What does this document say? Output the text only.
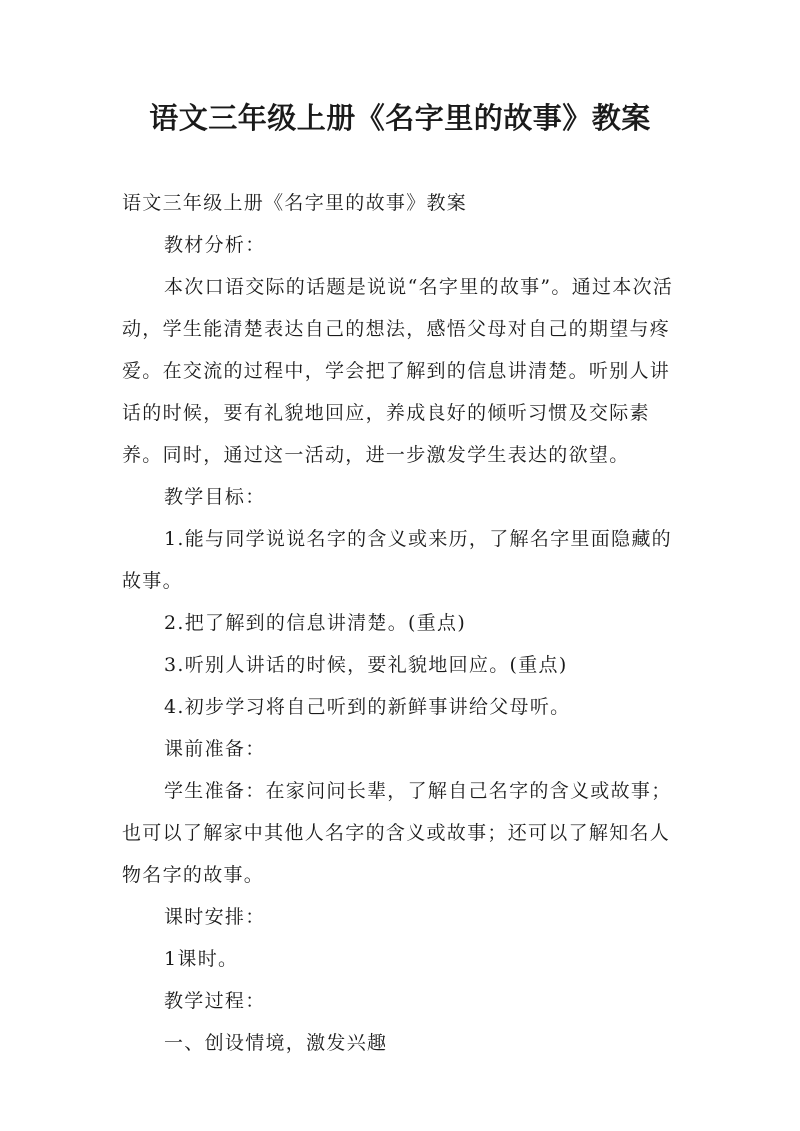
语文三年级上册《名字里的故事》教案

语文三年级上册《名字里的故事》教案

教材分析：

本次口语交际的话题是说说“名字里的故事”。通过本次活动，学生能清楚表达自己的想法，感悟父母对自己的期望与疼爱。在交流的过程中，学会把了解到的信息讲清楚。听别人讲话的时候，要有礼貌地回应，养成良好的倾听习惯及交际素养。同时，通过这一活动，进一步激发学生表达的欲望。

教学目标：

1.能与同学说说名字的含义或来历，了解名字里面隐藏的故事。

2.把了解到的信息讲清楚。(重点)

3.听别人讲话的时候，要礼貌地回应。(重点)

4.初步学习将自己听到的新鲜事讲给父母听。

课前准备：

学生准备：在家问问长辈，了解自己名字的含义或故事；也可以了解家中其他人名字的含义或故事；还可以了解知名人物名字的故事。

课时安排：

1课时。

教学过程：

一、创设情境，激发兴趣
